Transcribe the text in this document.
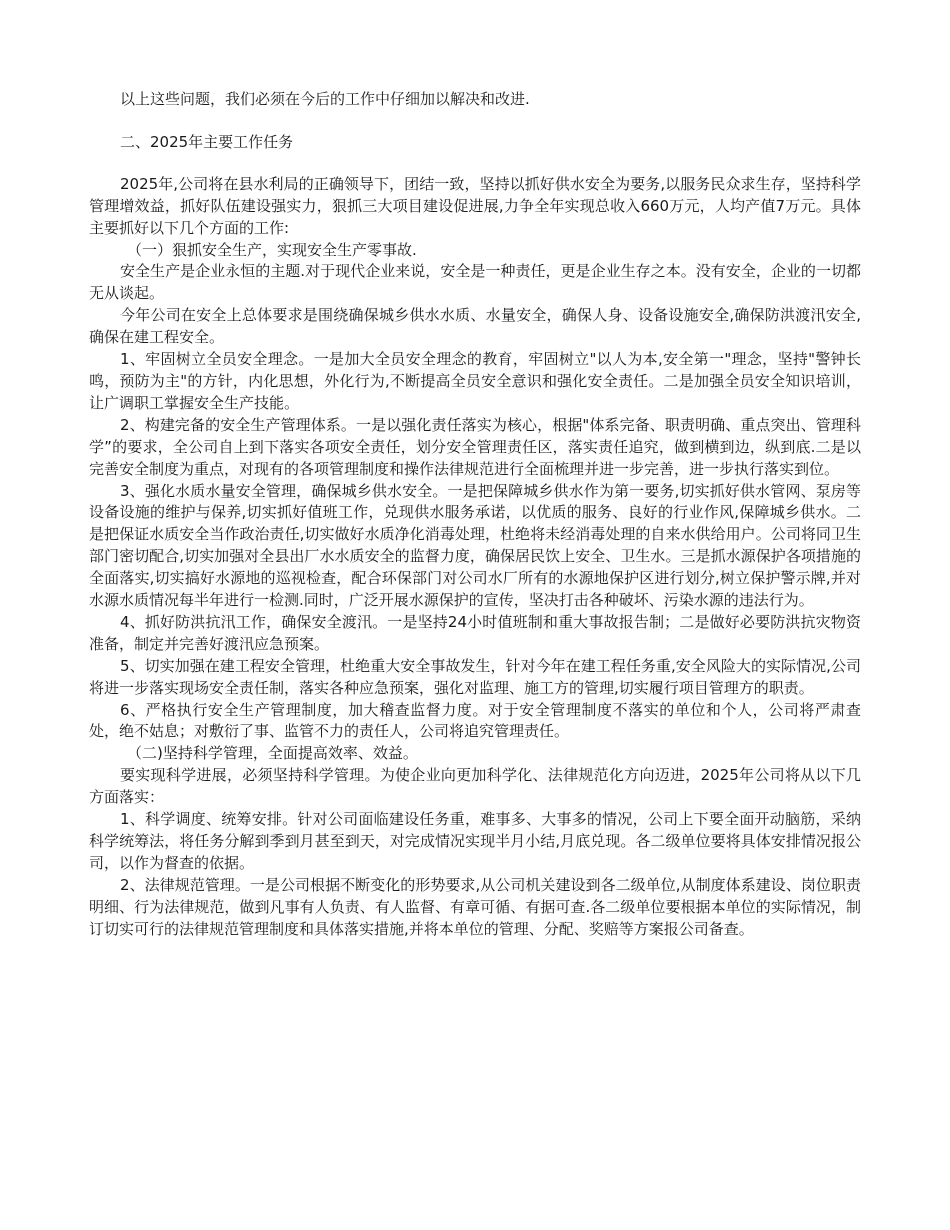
以上这些问题，我们必须在今后的工作中仔细加以解决和改进.

二、2025年主要工作任务

2025年,公司将在县水利局的正确领导下，团结一致，坚持以抓好供水安全为要务,以服务民众求生存，坚持科学管理增效益，抓好队伍建设强实力，狠抓三大项目建设促进展,力争全年实现总收入660万元，人均产值7万元。具体主要抓好以下几个方面的工作:

（一）狠抓安全生产，实现安全生产零事故.

安全生产是企业永恒的主题.对于现代企业来说，安全是一种责任，更是企业生存之本。没有安全，企业的一切都无从谈起。

今年公司在安全上总体要求是围绕确保城乡供水水质、水量安全，确保人身、设备设施安全,确保防洪渡汛安全,确保在建工程安全。

1、牢固树立全员安全理念。一是加大全员安全理念的教育，牢固树立"以人为本,安全第一"理念，坚持"警钟长鸣，预防为主"的方针，内化思想，外化行为,不断提高全员安全意识和强化安全责任。二是加强全员安全知识培训，让广调职工掌握安全生产技能。

2、构建完备的安全生产管理体系。一是以强化责任落实为核心，根据"体系完备、职责明确、重点突出、管理科学”的要求，全公司自上到下落实各项安全责任，划分安全管理责任区，落实责任追究，做到横到边，纵到底.二是以完善安全制度为重点，对现有的各项管理制度和操作法律规范进行全面梳理并进一步完善，进一步执行落实到位。

3、强化水质水量安全管理，确保城乡供水安全。一是把保障城乡供水作为第一要务,切实抓好供水管网、泵房等设备设施的维护与保养,切实抓好值班工作，兑现供水服务承诺，以优质的服务、良好的行业作风,保障城乡供水。二是把保证水质安全当作政治责任,切实做好水质净化消毒处理，杜绝将未经消毒处理的自来水供给用户。公司将同卫生部门密切配合,切实加强对全县出厂水水质安全的监督力度，确保居民饮上安全、卫生水。三是抓水源保护各项措施的全面落实,切实搞好水源地的巡视检查，配合环保部门对公司水厂所有的水源地保护区进行划分,树立保护警示牌,并对水源水质情况每半年进行一检测.同时，广泛开展水源保护的宣传，坚决打击各种破坏、污染水源的违法行为。

4、抓好防洪抗汛工作，确保安全渡汛。一是坚持24小时值班制和重大事故报告制；二是做好必要防洪抗灾物资准备，制定并完善好渡汛应急预案。

5、切实加强在建工程安全管理，杜绝重大安全事故发生，针对今年在建工程任务重,安全风险大的实际情况,公司将进一步落实现场安全责任制，落实各种应急预案，强化对监理、施工方的管理,切实履行项目管理方的职责。

6、严格执行安全生产管理制度，加大稽查监督力度。对于安全管理制度不落实的单位和个人，公司将严肃查处，绝不姑息；对敷衍了事、监管不力的责任人，公司将追究管理责任。

（二)坚持科学管理，全面提高效率、效益。

要实现科学进展，必须坚持科学管理。为使企业向更加科学化、法律规范化方向迈进，2025年公司将从以下几方面落实：

1、科学调度、统筹安排。针对公司面临建设任务重，难事多、大事多的情况，公司上下要全面开动脑筋，采纳科学统筹法，将任务分解到季到月甚至到天，对完成情况实现半月小结,月底兑现。各二级单位要将具体安排情况报公司，以作为督查的依据。

2、法律规范管理。一是公司根据不断变化的形势要求,从公司机关建设到各二级单位,从制度体系建设、岗位职责明细、行为法律规范，做到凡事有人负责、有人监督、有章可循、有据可查.各二级单位要根据本单位的实际情况，制订切实可行的法律规范管理制度和具体落实措施,并将本单位的管理、分配、奖赔等方案报公司备查。
